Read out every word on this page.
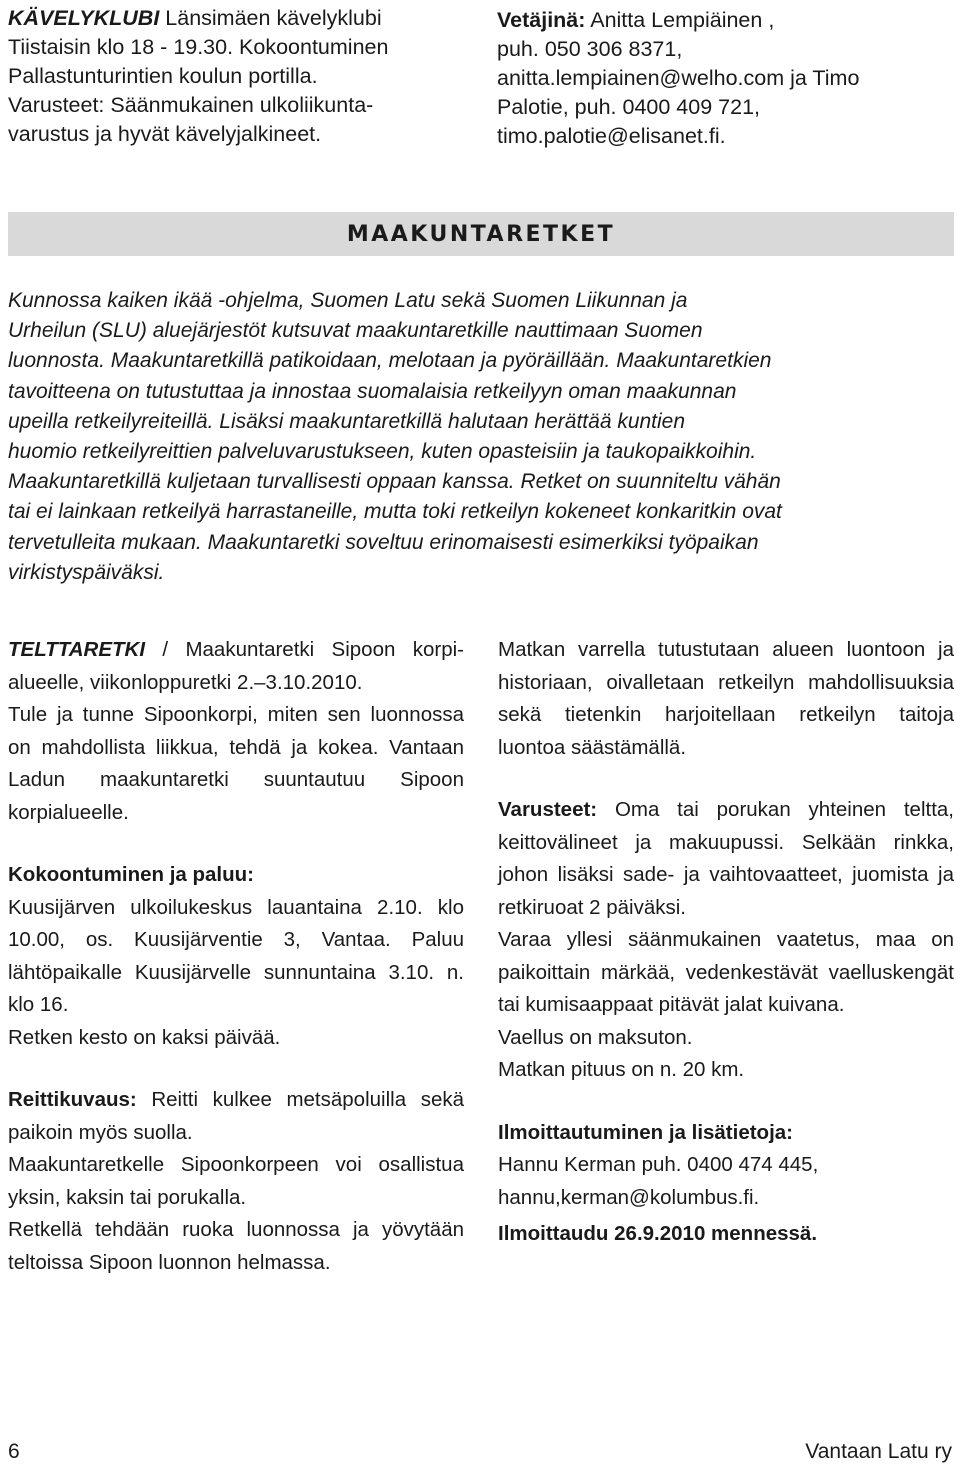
KÄVELYKLUBI Länsimäen kävelyklubi
Tiistaisin klo 18 - 19.30. Kokoontuminen
Pallastunturintien koulun portilla.
Varusteet: Säänmukainen ulkoliikunta-
varustus ja hyvät kävelyjalkineet.
Vetäjinä: Anitta Lempiäinen ,
puh. 050 306 8371,
anitta.lempiainen@welho.com ja Timo
Palotie, puh. 0400 409 721,
timo.palotie@elisanet.fi.
MAAKUNTARETKET
Kunnossa kaiken ikää -ohjelma, Suomen Latu sekä Suomen Liikunnan ja
Urheilun (SLU) aluejärjestöt kutsuvat maakuntaretkille nauttimaan Suomen
luonnosta. Maakuntaretkillä patikoidaan, melotaan ja pyöräillään. Maakuntaretkien
tavoitteena on tutustuttaa ja innostaa suomalaisia retkeilyyn oman maakunnan
upeilla retkeilyreiteillä. Lisäksi maakuntaretkillä halutaan herättää kuntien
huomio retkeilyreittien palveluvarustukseen, kuten opasteisiin ja taukopaikkoihin.
Maakuntaretkillä kuljetaan turvallisesti oppaan kanssa. Retket on suunniteltu vähän
tai ei lainkaan retkeilyä harrastaneille, mutta toki retkeilyn kokeneet konkaritkin ovat
tervetulleita mukaan. Maakuntaretki soveltuu erinomaisesti esimerkiksi työpaikan
virkistyspäiväksi.

TELTTARETKI / Maakuntaretki Sipoon korpi-alueelle, viikonloppuretki 2.–3.10.2010.

Tule ja tunne Sipoonkorpi, miten sen luonnossa on mahdollista liikkua, tehdä ja kokea. Vantaan Ladun maakuntaretki suuntautuu Sipoon korpialueelle.

Kokoontuminen ja paluu:

Kuusijärven ulkoilukeskus lauantaina 2.10. klo 10.00, os. Kuusijärventie 3, Vantaa. Paluu lähtöpaikalle Kuusijärvelle sunnuntaina 3.10. n. klo 16.

Retken kesto on kaksi päivää.

Reittikuvaus: Reitti kulkee metsäpoluilla sekä paikoin myös suolla.

Maakuntaretkelle Sipoonkorpeen voi osallistua yksin, kaksin tai porukalla.

Retkellä tehdään ruoka luonnossa ja yövytään teltoissa Sipoon luonnon helmassa.

Matkan varrella tutustutaan alueen luontoon ja historiaan, oivalletaan retkeilyn mahdollisuuksia sekä tietenkin harjoitellaan retkeilyn taitoja luontoa säästämällä.

Varusteet: Oma tai porukan yhteinen teltta, keittovälineet ja makuupussi. Selkään rinkka, johon lisäksi sade- ja vaihtovaatteet, juomista ja retkiruoat 2 päiväksi.

Varaa yllesi säänmukainen vaatetus, maa on paikoittain märkää, vedenkestävät vaelluskengät tai kumisaappaat pitävät jalat kuivana.

Vaellus on maksuton.

Matkan pituus on n. 20 km.

Ilmoittautuminen ja lisätietoja:

Hannu Kerman puh. 0400 474 445,

hannu,kerman@kolumbus.fi.

Ilmoittaudu 26.9.2010 mennessä.

6	Vantaan Latu ry
